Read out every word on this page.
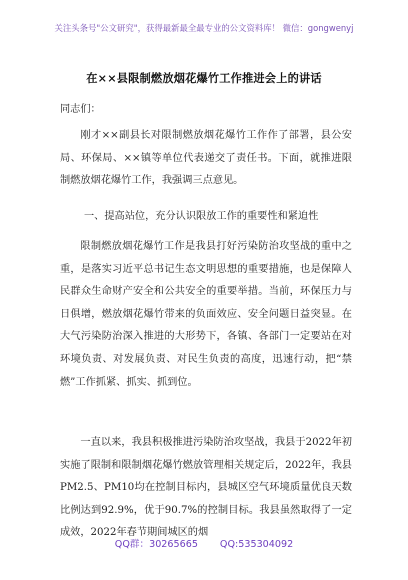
关注头条号"公文研究"，获得最新最全最专业的公文资料库！ 微信：gongwenyj
在××县限制燃放烟花爆竹工作推进会上的讲话
同志们：
刚才××副县长对限制燃放烟花爆竹工作作了部署，县公安局、环保局、××镇等单位代表递交了责任书。下面，就推进限制燃放烟花爆竹工作，我强调三点意见。
一、提高站位，充分认识限放工作的重要性和紧迫性
限制燃放烟花爆竹工作是我县打好污染防治攻坚战的重中之重，是落实习近平总书记生态文明思想的重要措施，也是保障人民群众生命财产安全和公共安全的重要举措。当前，环保压力与日俱增，燃放烟花爆竹带来的负面效应、安全问题日益突显。在大气污染防治深入推进的大形势下，各镇、各部门一定要站在对环境负责、对发展负责、对民生负责的高度，迅速行动，把“禁燃”工作抓紧、抓实、抓到位。
一直以来，我县积极推进污染防治攻坚战，我县于2022年初实施了限制和限制烟花爆竹燃放管理相关规定后，2022年，我县PM2.5、PM10均在控制目标内，县城区空气环境质量优良天数比例达到92.9%，优于90.7%的控制目标。我县虽然取得了一定成效，2022年春节期间城区的烟
QQ群：30265665 QQ:535304092
